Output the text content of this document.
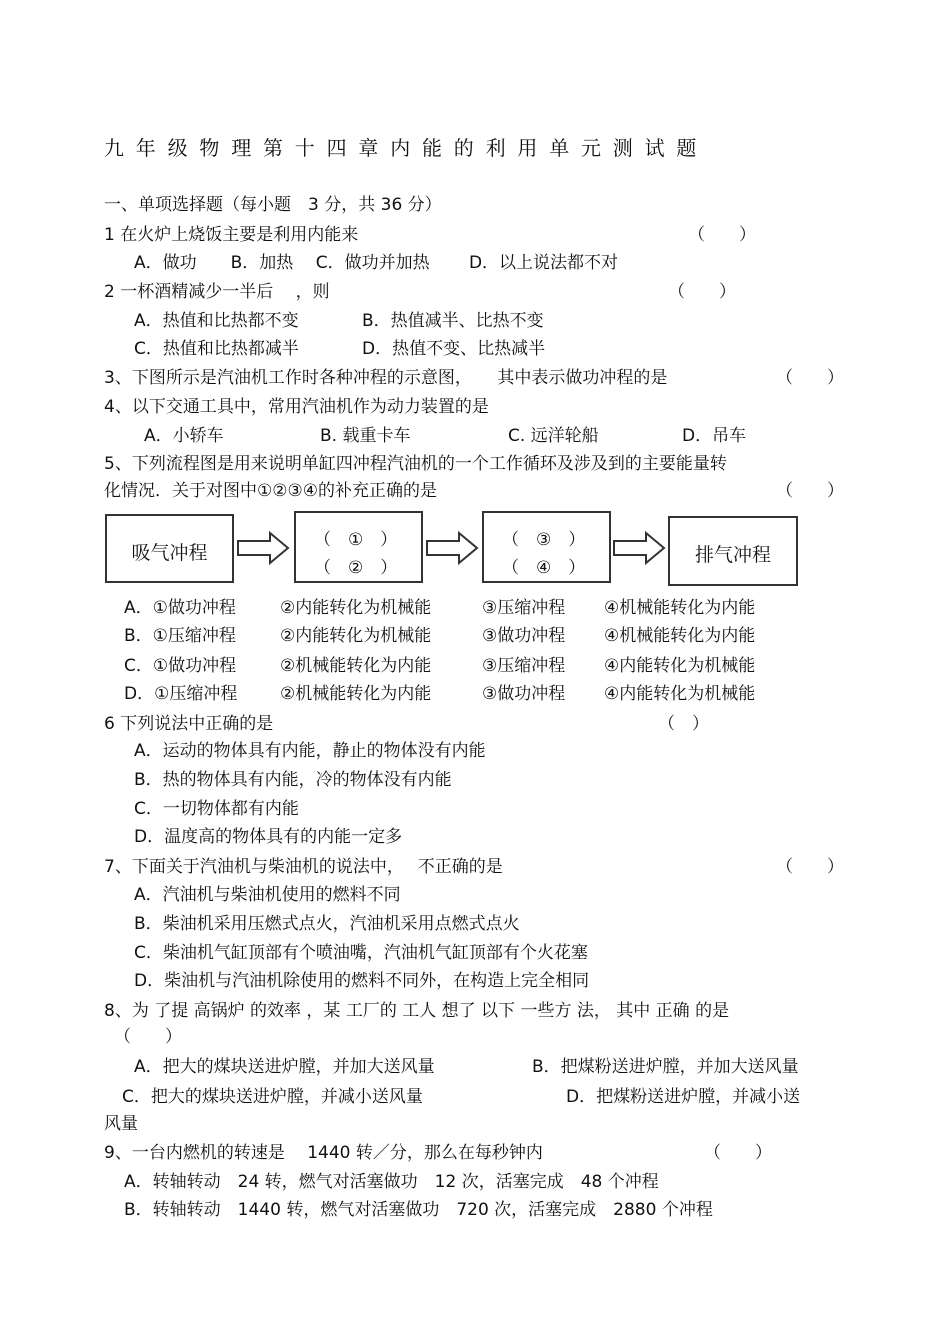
九年级物理第十四章内能的利用单元测试题
一、单项选择题（每小题　3 分，共 36 分）
1 在火炉上烧饭主要是利用内能来	（　　）
A．做功　　B．加热　 C．做功并加热　　 D．以上说法都不对
2 一杯酒精减少一半后　 ，则	（　　）
A．热值和比热都不变	B．热值减半、比热不变
C．热值和比热都减半	D．热值不变、比热减半
3、下图所示是汽油机工作时各种冲程的示意图，　　其中表示做功冲程的是	（　　）
4、以下交通工具中，常用汽油机作为动力装置的是
A．小轿车	B. 载重卡车	C. 远洋轮船	D．吊车
5、下列流程图是用来说明单缸四冲程汽油机的一个工作循环及涉及到的主要能量转
化情况．关于对图中①②③④的补充正确的是	（　　）
吸气冲程
（　①　）
（　②　）
（　③　）
（　④　）
排气冲程
A．①做功冲程	②内能转化为机械能	③压缩冲程 ④机械能转化为内能
B．①压缩冲程	②内能转化为机械能	③做功冲程 ④机械能转化为内能
C．①做功冲程	②机械能转化为内能	③压缩冲程 ④内能转化为机械能
D．①压缩冲程	②机械能转化为内能	③做功冲程 ④内能转化为机械能
6 下列说法中正确的是	（　）
A．运动的物体具有内能，静止的物体没有内能
B．热的物体具有内能，冷的物体没有内能
C．一切物体都有内能
D．温度高的物体具有的内能一定多
7、下面关于汽油机与柴油机的说法中，　 不正确的是	（　　）
A．汽油机与柴油机使用的燃料不同
B．柴油机采用压燃式点火，汽油机采用点燃式点火
C．柴油机气缸顶部有个喷油嘴，汽油机气缸顶部有个火花塞
D．柴油机与汽油机除使用的燃料不同外，在构造上完全相同
8、为 了提 高锅炉 的效率 ，某 工厂的 工人 想了 以下 一些方 法， 其中 正确 的是
（　　）
A．把大的煤块送进炉膛，并加大送风量	B．把煤粉送进炉膛，并加大送风量
C．把大的煤块送进炉膛，并减小送风量	D．把煤粉送进炉膛，并减小送
风量
9、一台内燃机的转速是　 1440 转／分，那么在每秒钟内	（　　）
A．转轴转动　24 转，燃气对活塞做功　12 次，活塞完成　48 个冲程
B．转轴转动　1440 转，燃气对活塞做功　720 次，活塞完成　2880 个冲程
